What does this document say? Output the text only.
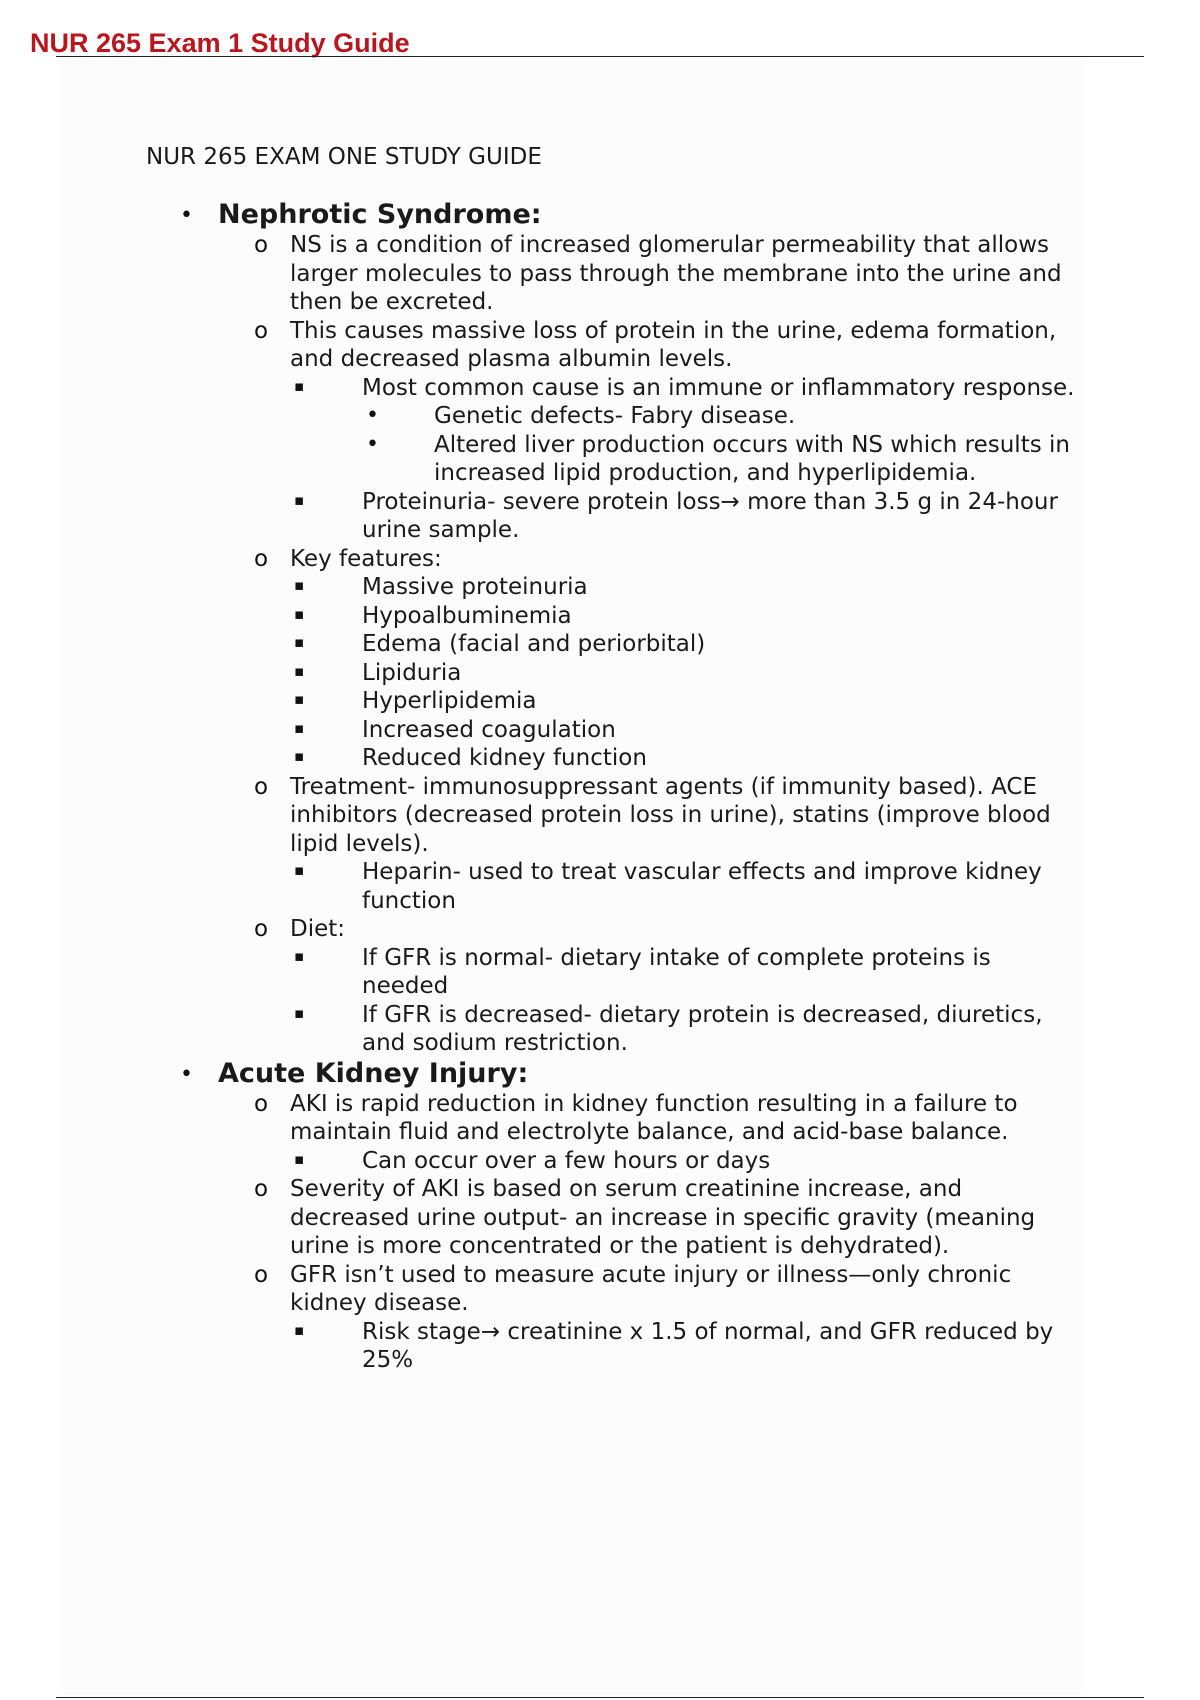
NUR 265 Exam 1 Study Guide
NUR 265 EXAM ONE STUDY GUIDE
• Nephrotic Syndrome:
o NS is a condition of increased glomerular permeability that allows larger molecules to pass through the membrane into the urine and then be excreted.
o This causes massive loss of protein in the urine, edema formation, and decreased plasma albumin levels.
▪	Most common cause is an immune or inflammatory response.
• Genetic defects- Fabry disease.
• Altered liver production occurs with NS which results in increased lipid production, and hyperlipidemia.
▪	Proteinuria- severe protein loss→ more than 3.5 g in 24-hour urine sample.
o Key features:
▪	Massive proteinuria
▪	Hypoalbuminemia
▪	Edema (facial and periorbital)
▪	Lipiduria
▪	Hyperlipidemia
▪	Increased coagulation
▪	Reduced kidney function
o Treatment- immunosuppressant agents (if immunity based). ACE inhibitors (decreased protein loss in urine), statins (improve blood lipid levels).
▪	Heparin- used to treat vascular effects and improve kidney function
o Diet:
▪	If GFR is normal- dietary intake of complete proteins is needed
▪	If GFR is decreased- dietary protein is decreased, diuretics, and sodium restriction.
• Acute Kidney Injury:
o AKI is rapid reduction in kidney function resulting in a failure to maintain fluid and electrolyte balance, and acid-base balance.
▪	Can occur over a few hours or days
o Severity of AKI is based on serum creatinine increase, and decreased urine output- an increase in specific gravity (meaning urine is more concentrated or the patient is dehydrated).
o GFR isn’t used to measure acute injury or illness—only chronic kidney disease.
▪	Risk stage→ creatinine x 1.5 of normal, and GFR reduced by 25%
